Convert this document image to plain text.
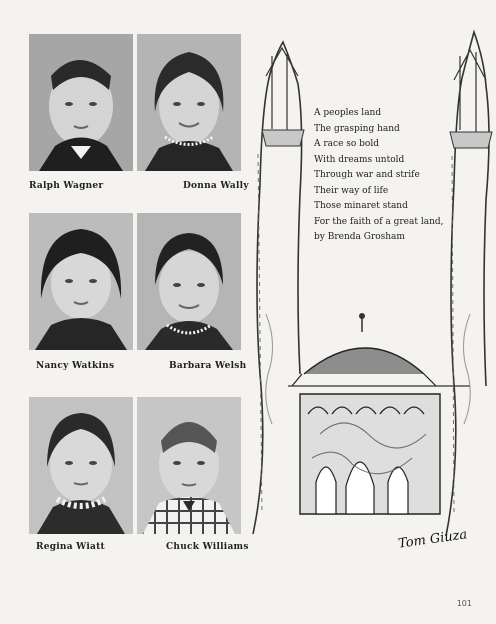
Ralph Wagner	Donna Wally
Nancy Watkins	Barbara Welsh
Regina Wiatt	Chuck Williams
A peoples land
The grasping hand
A race so bold
With dreams untold
Through war and strife
Their way of life
Those minaret stand
For the faith of a great land,
by Brenda Grosham
Tom Giuza
101
